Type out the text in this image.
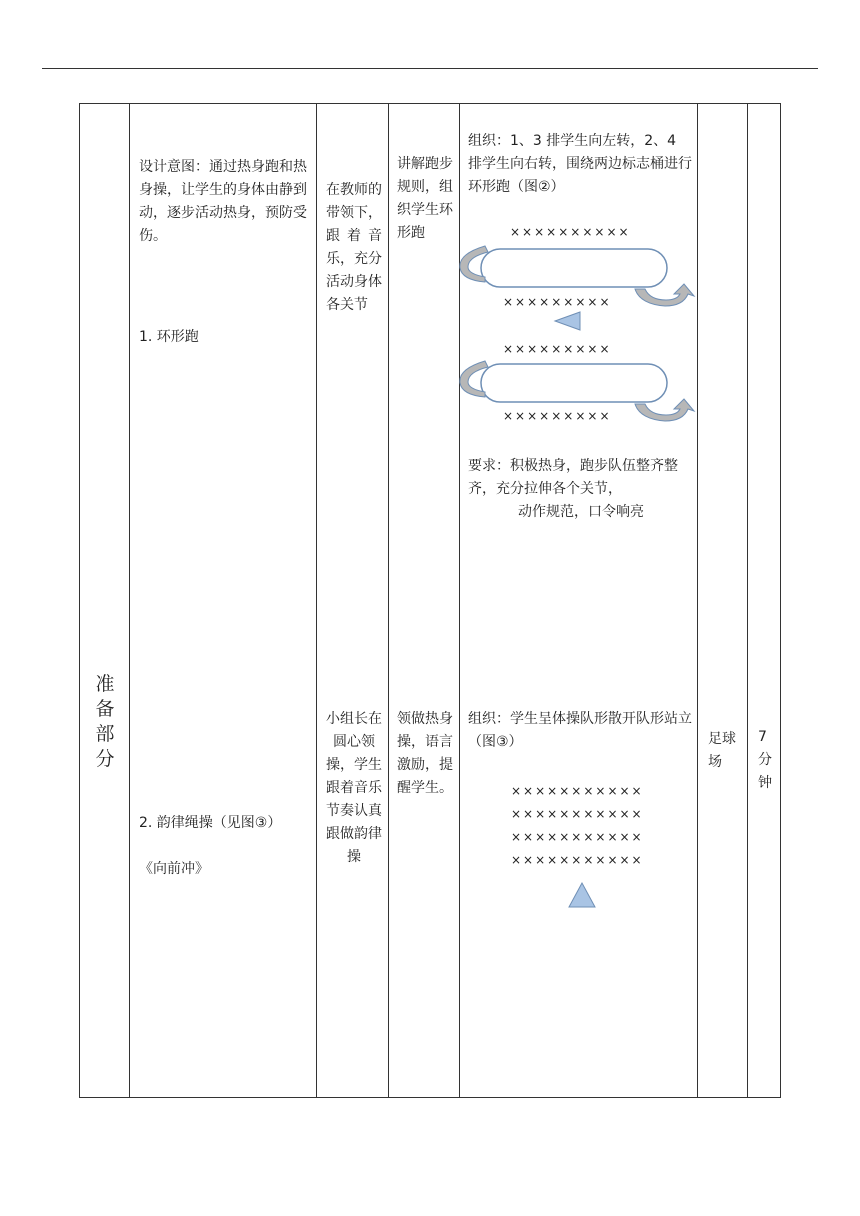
准
备
部
分
设计意图：通过热身跑和热身操，让学生的身体由静到动，逐步活动热身，预防受伤。
1. 环形跑
2. 韵律绳操（见图③）
《向前冲》
在教师的带领下，跟着音乐，充分活动身体各关节
小组长在圆心领操，学生跟着音乐节奏认真跟做韵律操
讲解跑步规则，组织学生环形跑
领做热身操，语言激励，提醒学生。
组织：1、3 排学生向左转，2、4 排学生向右转，围绕两边标志桶进行环形跑（图②）
××××××××××
×××××××××
×××××××××
×××××××××
要求：积极热身，跑步队伍整齐整齐，充分拉伸各个关节，
动作规范，口令响亮
组织：学生呈体操队形散开队形站立（图③）
×××××××××××
×××××××××××
×××××××××××
×××××××××××
足球场
7
分
钟
